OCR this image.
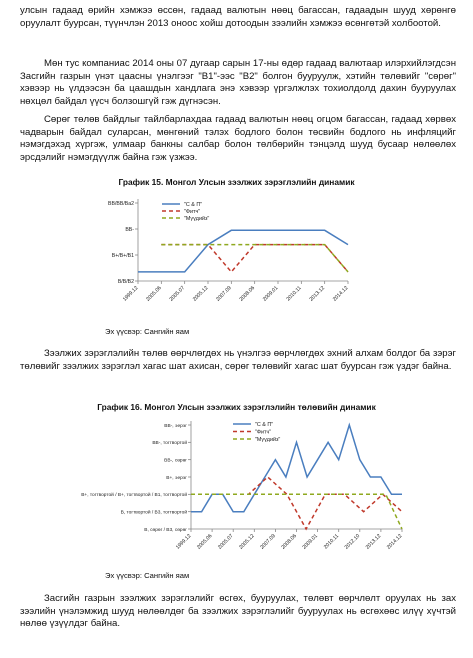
улсын гадаад өрийн хэмжээ өссөн, гадаад валютын нөөц багассан, гадаадын шууд хөрөнгө оруулалт буурсан, түүнчлэн 2013 оноос хойш дотоодын зээлийн хэмжээ өсөнгөтэй холбоотой.
Мөн тус компаниас 2014 оны 07 дугаар сарын 17-ны өдөр гадаад валютаар илэрхийлэгдсэн Засгийн газрын үнэт цаасны үнэлгээг "В1"-ээс "В2" болгон бууруулж, хэтийн төлөвийг "сөрөг" хэвээр нь үлдээсэн ба цаашдын хандлага энэ хэвээр үргэлжлэх тохиолдолд дахин бууруулах нөхцөл байдал үүсч болзошгүй гэж дүгнэсэн.
Сөрөг төлөв байдлыг тайлбарлахдаа гадаад валютын нөөц огцом багассан, гадаад хөрвөх чадварын байдал суларсан, мөнгөний тэлэх бодлого болон төсвийн бодлого нь инфляцийг нэмэгдэхэд хүргэж, улмаар банкны салбар болон төлбөрийн тэнцэлд шууд бусаар нөлөөлөх эрсдэлийг нэмэгдүүлж байна гэж үзжээ.
График 15. Монгол Улсын зээлжих зэрэглэлийн динамик
B/B/B2
B+/B+/B1
BB-
BB/BB/Ba2
1999.12 2005.06 2005.07 2005.12 2007.09 2008.06 2009.01 2010.11 2013.12 2014.12
"С & П"
"Фитч"
"Мүүдийз"
Эх үүсвэр: Сангийн яам
Зээлжих зэрэглэлийн төлөв өөрчлөгдөх нь үнэлгээ өөрчлөгдөх эхний алхам болдог ба зэрэг төлөвийг зээлжих зэрэглэл хагас шат ахисан, сөрөг төлөвийг хагас шат буурсан гэж үздэг байна.
График 16. Монгол Улсын зээлжих зэрэглэлийн төлөвийн динамик
B, сөрөг / B3, сөрөг
B, тогтвортой / B3, тогтвортой
B+, тогтвортой / B+, тогтвортой / B1, тогтвортой
B+, эерэг
BB-, сөрөг
BB-, тогтвортой
BB-, эерэг
1999.12 2005.06 2005.07 2005.12 2007.09 2008.06 2009.01 2010.11 2012.10 2013.12 2014.12
"С & П"
"Фитч"
"Мүүдийз"
Эх үүсвэр: Сангийн яам
Засгийн газрын зээлжих зэрэглэлийг өсгөх, бууруулах, төлөвт өөрчлөлт оруулах нь зах зээлийн үнэлэмжид шууд нөлөөлдөг ба зээлжих зэрэглэлийг бууруулах нь өсгөхөөс илүү хүчтэй нөлөө үзүүлдэг байна.
